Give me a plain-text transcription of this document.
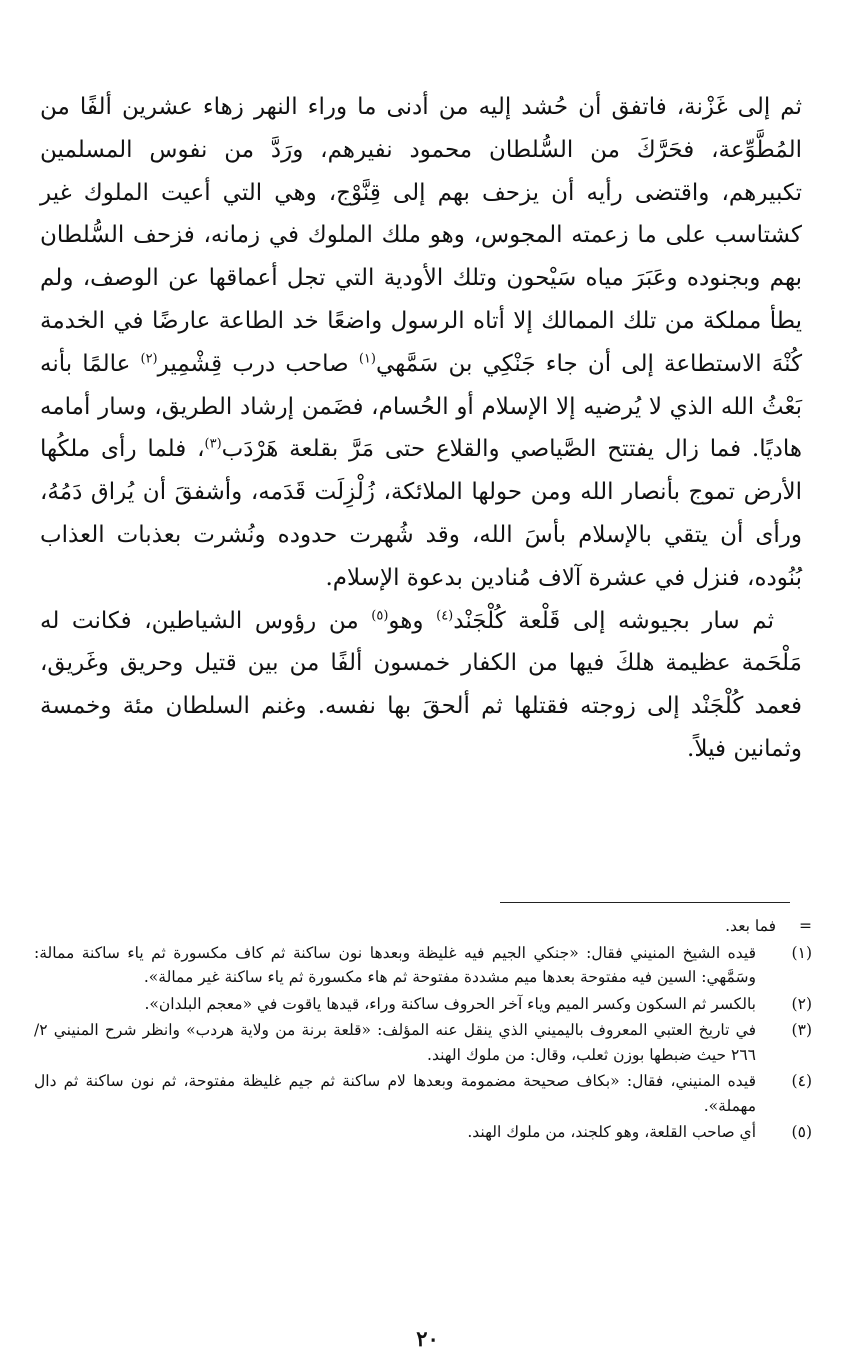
ثم إلى غَزْنة، فاتفق أن حُشد إليه من أدنى ما وراء النهر زهاء عشرين ألفًا من المُطَّوِّعة، فحَرَّكَ من السُّلطان محمود نفيرهم، ورَدَّ من نفوس المسلمين تكبيرهم، واقتضى رأيه أن يزحف بهم إلى قِنَّوْج، وهي التي أعيت الملوك غير كشتاسب على ما زعمته المجوس، وهو ملك الملوك في زمانه، فزحف السُّلطان بهم وبجنوده وعَبَرَ مياه سَيْحون وتلك الأودية التي تجل أعماقها عن الوصف، ولم يطأ مملكة من تلك الممالك إلا أتاه الرسول واضعًا خد الطاعة عارضًا في الخدمة كُنْهَ الاستطاعة إلى أن جاء جَنْكِي بن سَمَّهي$^{(١)}$ صاحب درب قِشْمِير$^{(٢)}$ عالمًا بأنه بَعْثُ الله الذي لا يُرضيه إلا الإسلام أو الحُسام، فضَمن إرشاد الطريق، وسار أمامه هاديًا. فما زال يفتتح الصَّياصي والقلاع حتى مَرَّ بقلعة هَرْدَب$^{(٣)}$، فلما رأى ملكُها الأرض تموج بأنصار الله ومن حولها الملائكة، زُلْزِلَت قَدَمه، وأشفقَ أن يُراق دَمُهُ، ورأى أن يتقي بالإسلام بأسَ الله، وقد شُهرت حدوده ونُشرت بعذبات العذاب بُنُوده، فنزل في عشرة آلاف مُنادين بدعوة الإسلام.

ثم سار بجيوشه إلى قَلْعة كُلْجَنْد$^{(٤)}$ وهو$^{(٥)}$ من رؤوس الشياطين، فكانت له مَلْحَمة عظيمة هلكَ فيها من الكفار خمسون ألفًا من بين قتيل وحريق وغَريق، فعمد كُلْجَنْد إلى زوجته فقتلها ثم ألحقَ بها نفسه. وغنم السلطان مئة وخمسة وثمانين فيلاً.

=
فما بعد.
(١)
قيده الشيخ المنيني فقال: «جنكي الجيم فيه غليظة وبعدها نون ساكنة ثم كاف مكسورة ثم ياء ساكنة ممالة: وسَمَّهي: السين فيه مفتوحة بعدها ميم مشددة مفتوحة ثم هاء مكسورة ثم ياء ساكنة غير ممالة».
(٢)
بالكسر ثم السكون وكسر الميم وياء آخر الحروف ساكنة وراء، قيدها ياقوت في «معجم البلدان».
(٣)
في تاريخ العتبي المعروف باليميني الذي ينقل عنه المؤلف: «قلعة برنة من ولاية هردب» وانظر شرح المنيني ٢/ ٢٦٦ حيث ضبطها بوزن ثعلب، وقال: من ملوك الهند.
(٤)
قيده المنيني، فقال: «بكاف صحيحة مضمومة وبعدها لام ساكنة ثم جيم غليظة مفتوحة، ثم نون ساكنة ثم دال مهملة».
(٥)
أي صاحب القلعة، وهو كلجند، من ملوك الهند.
٢٠
